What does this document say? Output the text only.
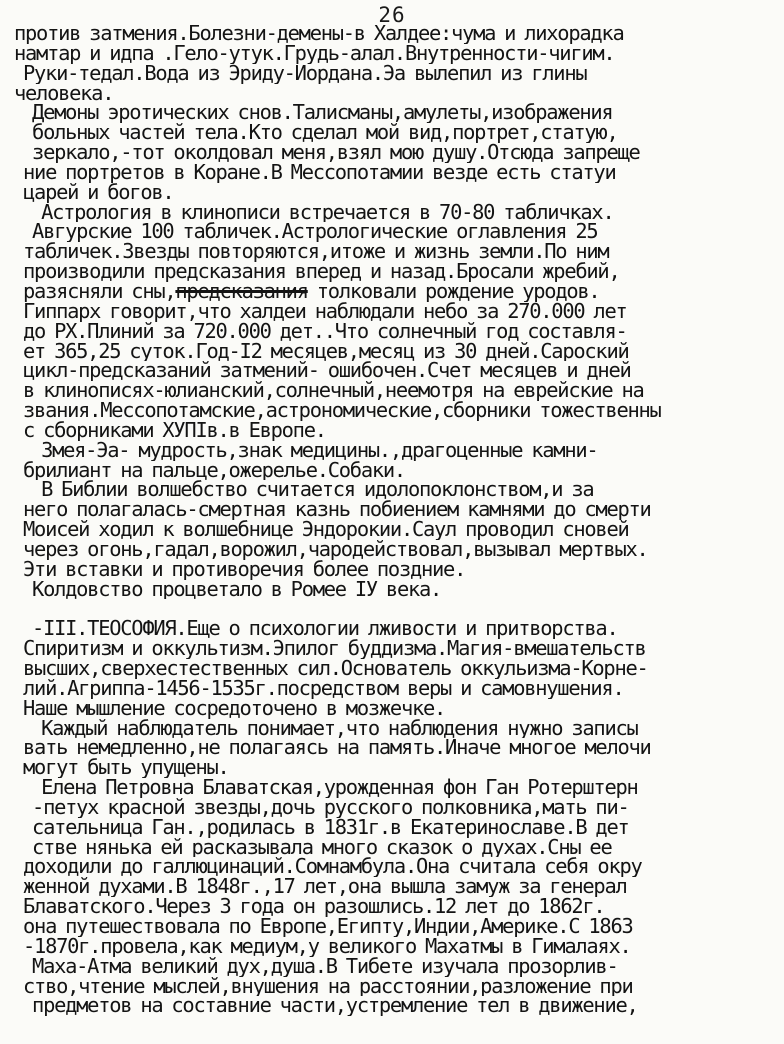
26
против затмения.Болезни-демены-в Халдее:чума и лихорадка
намтар и идпа .Гело-утук.Грудь-алал.Внутренности-чигим.
Руки-тедал.Вода из Эриду-Иордана.Эа вылепил из глины
человека.
Демоны эротических снов.Талисманы,амулеты,изображения
больных частей тела.Кто сделал мой вид,портрет,статую,
зеркало,-тот околдовал меня,взял мою душу.Отсюда запреще
ние портретов в Коране.В Мессопотамии везде есть статуи
царей и богов.
Астрология в клинописи встречается в 70-80 табличках.
Авгурские 100 табличек.Астрологические оглавления 25
табличек.Звезды повторяются,итоже и жизнь земли.По ним
производили предсказания вперед и назад.Бросали жребий,
разясняли сны,предсказания толковали рождение уродов.
Гиппарх говорит,что халдеи наблюдали небо за 270.000 лет
до РХ.Плиний за 720.000 дет..Что солнечный год составля-
ет 365,25 суток.Год-I2 месяцев,месяц из 30 дней.Сароский
цикл-предсказаний затмений- ошибочен.Счет месяцев и дней
в клинописях-юлианский,солнечный,неемотря на еврейские на
звания.Мессопотамские,астрономические,сборники тожественны
с сборниками XУПIв.в Европе.
Змея-Эа- мудрость,знак медицины.,драгоценные камни-
брилиант на пальце,ожерелье.Собаки.
В Библии волшебство считается идолопоклонством,и за
него полагалась-смертная казнь побиением камнями до смерти
Моисей ходил к волшебнице Эндорокии.Саул проводил сновей
через огонь,гадал,ворожил,чародействовал,вызывал мертвых.
Эти вставки и противоречия более поздние.
Колдовство процветало в Ромее IУ века.
-III.ТЕОСОФИЯ.Еще о психологии лживости и притворства.
Спиритизм и оккультизм.Эпилог буддизма.Магия-вмешательств
высших,сверхестественных сил.Основатель оккульизма-Корне-
лий.Агриппа-1456-1535г.посредством веры и самовнушения.
Наше мышление сосредоточено в мозжечке.
Каждый наблюдатель понимает,что наблюдения нужно записы
вать немедленно,не полагаясь на память.Иначе многое мелочи
могут быть упущены.
Елена Петровна Блаватская,урожденная фон Ган Ротерштерн
-петух красной звезды,дочь русского полковника,мать пи-
сательница Ган.,родилась в 1831г.в Екатеринославе.В дет
стве нянька ей расказывала много сказок о духах.Сны ее
доходили до галлюцинаций.Сомнамбула.Она считала себя окру
женной духами.В 1848г.,17 лет,она вышла замуж за генерал
Блаватского.Через 3 года он разошлись.12 лет до 1862г.
она путешествовала по Европе,Египту,Индии,Америке.С 1863
-1870г.провела,как медиум,у великого Махатмы в Гималаях.
Маха-Атма великий дух,душа.В Тибете изучала прозорлив-
ство,чтение мыслей,внушения на расстоянии,разложение при
предметов на составние части,устремление тел в движение,
